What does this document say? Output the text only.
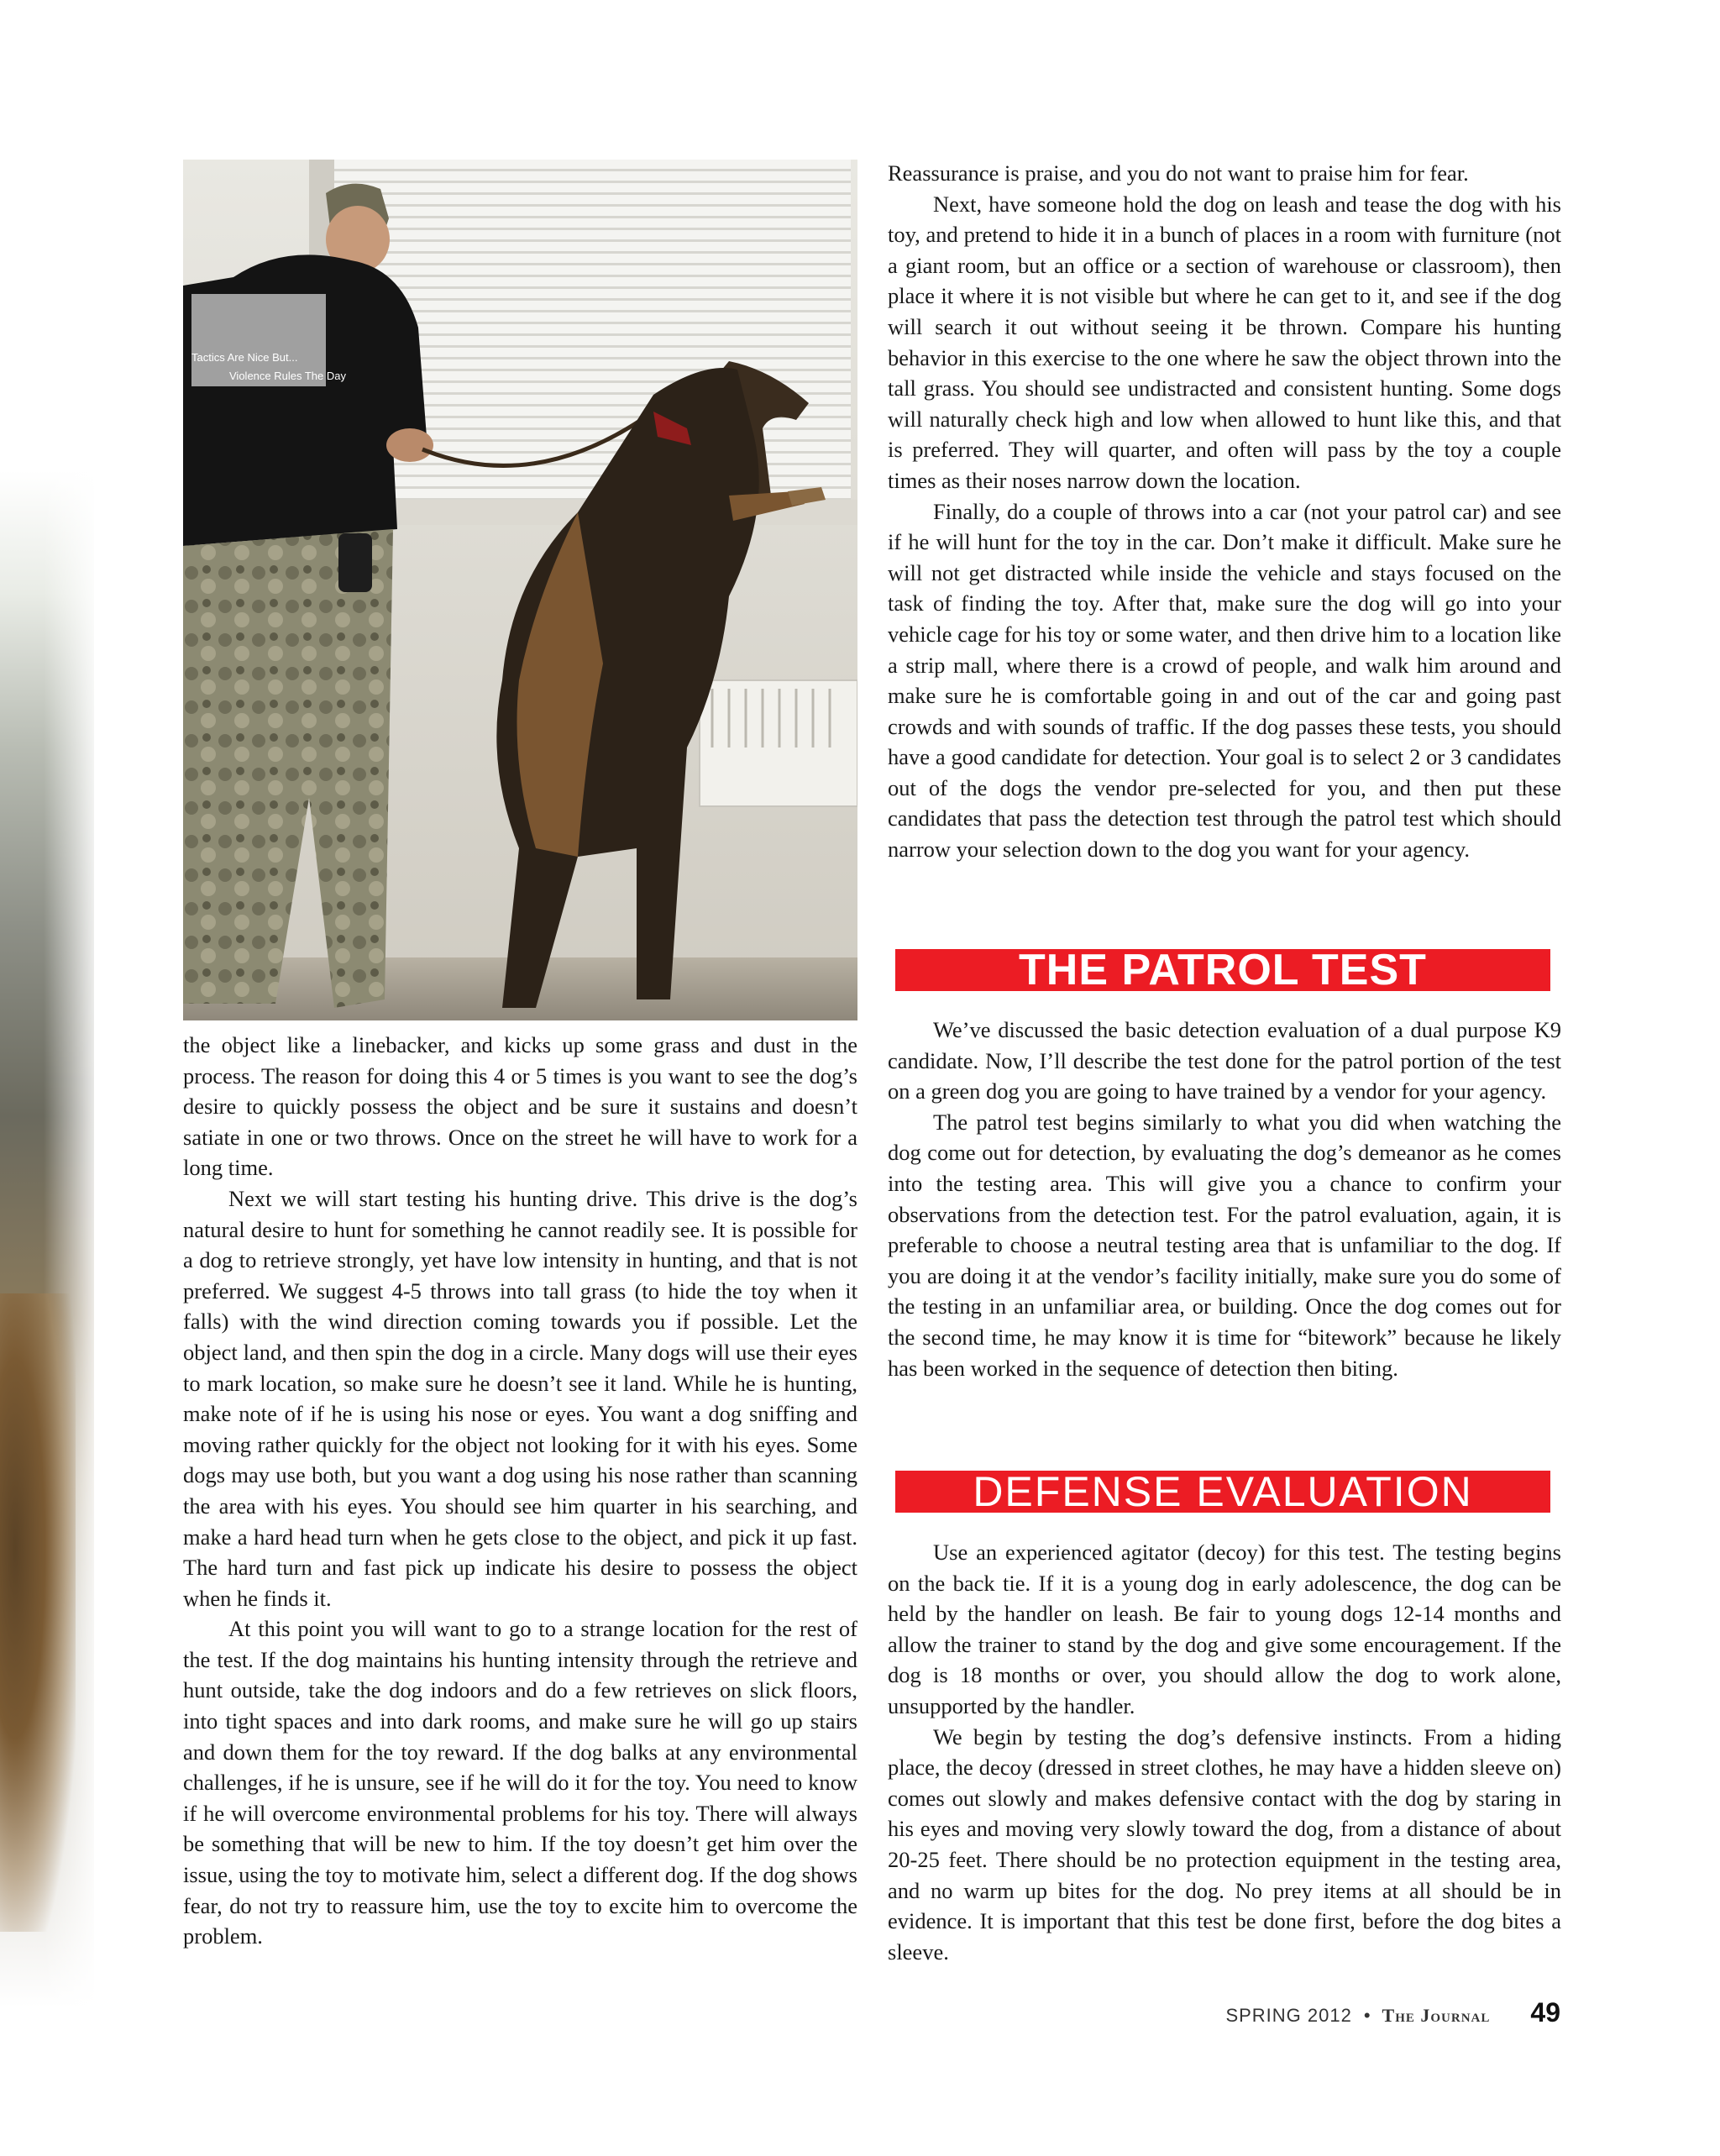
Tactics Are Nice But...
Violence Rules The Day

the object like a linebacker, and kicks up some grass and dust in the process. The reason for doing this 4 or 5 times is you want to see the dog’s desire to quickly possess the object and be sure it sustains and doesn’t satiate in one or two throws. Once on the street he will have to work for a long time.

Next we will start testing his hunting drive. This drive is the dog’s natural desire to hunt for something he cannot readily see. It is possible for a dog to retrieve strongly, yet have low intensity in hunting, and that is not preferred. We suggest 4-5 throws into tall grass (to hide the toy when it falls) with the wind direction coming towards you if possible. Let the object land, and then spin the dog in a circle. Many dogs will use their eyes to mark location, so make sure he doesn’t see it land. While he is hunting, make note of if he is using his nose or eyes. You want a dog sniffing and moving rather quickly for the object not looking for it with his eyes. Some dogs may use both, but you want a dog using his nose rather than scanning the area with his eyes. You should see him quarter in his searching, and make a hard head turn when he gets close to the object, and pick it up fast. The hard turn and fast pick up indicate his desire to possess the object when he finds it.

At this point you will want to go to a strange location for the rest of the test. If the dog maintains his hunting intensity through the retrieve and hunt outside, take the dog indoors and do a few retrieves on slick floors, into tight spaces and into dark rooms, and make sure he will go up stairs and down them for the toy reward. If the dog balks at any environmental challenges, if he is unsure, see if he will do it for the toy. You need to know if he will overcome environmental problems for his toy. There will always be something that will be new to him. If the toy doesn’t get him over the issue, using the toy to motivate him, select a different dog. If the dog shows fear, do not try to reassure him, use the toy to excite him to overcome the problem.

Reassurance is praise, and you do not want to praise him for fear.

Next, have someone hold the dog on leash and tease the dog with his toy, and pretend to hide it in a bunch of places in a room with furniture (not a giant room, but an office or a section of warehouse or classroom), then place it where it is not visible but where he can get to it, and see if the dog will search it out without seeing it be thrown. Compare his hunting behavior in this exercise to the one where he saw the object thrown into the tall grass. You should see undistracted and consistent hunting. Some dogs will naturally check high and low when allowed to hunt like this, and that is preferred. They will quarter, and often will pass by the toy a couple times as their noses narrow down the location.

Finally, do a couple of throws into a car (not your patrol car) and see if he will hunt for the toy in the car. Don’t make it difficult. Make sure he will not get distracted while inside the vehicle and stays focused on the task of finding the toy. After that, make sure the dog will go into your vehicle cage for his toy or some water, and then drive him to a location like a strip mall, where there is a crowd of people, and walk him around and make sure he is comfortable going in and out of the car and going past crowds and with sounds of traffic. If the dog passes these tests, you should have a good candidate for detection. Your goal is to select 2 or 3 candidates out of the dogs the vendor pre-selected for you, and then put these candidates that pass the detection test through the patrol test which should narrow your selection down to the dog you want for your agency.

THE PATROL TEST

We’ve discussed the basic detection evaluation of a dual purpose K9 candidate. Now, I’ll describe the test done for the patrol portion of the test on a green dog you are going to have trained by a vendor for your agency.

The patrol test begins similarly to what you did when watching the dog come out for detection, by evaluating the dog’s demeanor as he comes into the testing area. This will give you a chance to confirm your observations from the detection test. For the patrol evaluation, again, it is preferable to choose a neutral testing area that is unfamiliar to the dog. If you are doing it at the vendor’s facility initially, make sure you do some of the testing in an unfamiliar area, or building. Once the dog comes out for the second time, he may know it is time for “bitework” because he likely has been worked in the sequence of detection then biting.

DEFENSE EVALUATION

Use an experienced agitator (decoy) for this test. The testing begins on the back tie. If it is a young dog in early adolescence, the dog can be held by the handler on leash. Be fair to young dogs 12-14 months and allow the trainer to stand by the dog and give some encouragement. If the dog is 18 months or over, you should allow the dog to work alone, unsupported by the handler.

We begin by testing the dog’s defensive instincts. From a hiding place, the decoy (dressed in street clothes, he may have a hidden sleeve on) comes out slowly and makes defensive contact with the dog by staring in his eyes and moving very slowly toward the dog, from a distance of about 20-25 feet. There should be no protection equipment in the testing area, and no warm up bites for the dog. No prey items at all should be in evidence. It is important that this test be done first, before the dog bites a sleeve.

SPRING 2012 • The Journal 49
